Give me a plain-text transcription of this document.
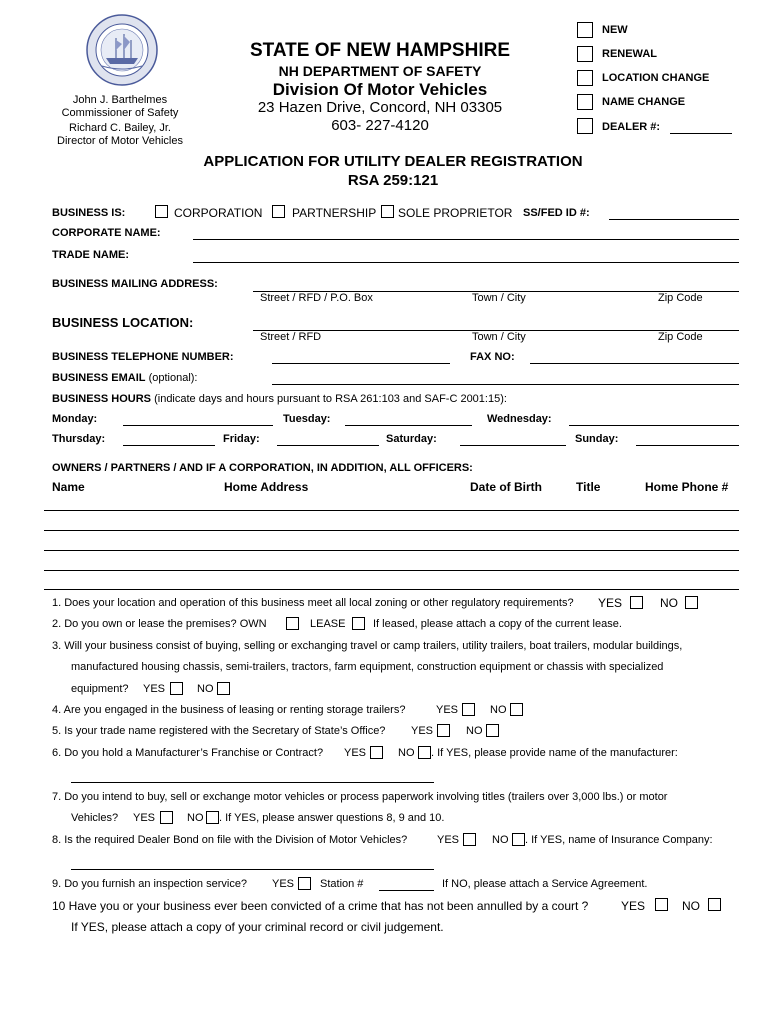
John J. Barthelmes
Commissioner of Safety
Richard C. Bailey, Jr.
Director of Motor Vehicles
STATE OF NEW HAMPSHIRE
NH DEPARTMENT OF SAFETY
Division Of Motor Vehicles
23 Hazen Drive, Concord, NH 03305
603- 227-4120
NEW
RENEWAL
LOCATION CHANGE
NAME CHANGE
DEALER #:
APPLICATION FOR UTILITY DEALER REGISTRATION
RSA 259:121
BUSINESS IS:	CORPORATION PARTNERSHIP SOLE PROPRIETOR SS/FED ID #:
CORPORATE NAME:
TRADE NAME:
BUSINESS MAILING ADDRESS:
Street / RFD / P.O. Box	Town / City	Zip Code
BUSINESS LOCATION:
Street / RFD	Town / City	Zip Code
BUSINESS TELEPHONE NUMBER:	FAX NO:
BUSINESS EMAIL (optional):
BUSINESS HOURS (indicate days and hours pursuant to RSA 261:103 and SAF-C 2001:15):
Monday:	Tuesday:	Wednesday:
Thursday:	Friday:	Saturday:	Sunday:
OWNERS / PARTNERS / AND IF A CORPORATION, IN ADDITION, ALL OFFICERS:
Name	Home Address	Date of Birth	Title	Home Phone #
1. Does your location and operation of this business meet all local zoning or other regulatory requirements? YES	NO
2. Do you own or lease the premises? OWN	LEASE	If leased, please attach a copy of the current lease.
3. Will your business consist of buying, selling or exchanging travel or camp trailers, utility trailers, boat trailers, modular buildings,
manufactured housing chassis, semi-trailers, tractors, farm equipment, construction equipment or chassis with specialized
equipment? YES	NO
4. Are you engaged in the business of leasing or renting storage trailers?	YES	NO
5. Is your trade name registered with the Secretary of State’s Office? YES	NO
6. Do you hold a Manufacturer’s Franchise or Contract? YES	NO . If YES, please provide name of the manufacturer:
7. Do you intend to buy, sell or exchange motor vehicles or process paperwork involving titles (trailers over 3,000 lbs.) or motor
Vehicles? YES	NO . If YES, please answer questions 8, 9 and 10.
8. Is the required Dealer Bond on file with the Division of Motor Vehicles?	YES	NO . If YES, name of Insurance Company:
9. Do you furnish an inspection service? YES Station #	If NO, please attach a Service Agreement.
10 Have you or your business ever been convicted of a crime that has not been annulled by a court ?	YES	NO
If YES, please attach a copy of your criminal record or civil judgement.
